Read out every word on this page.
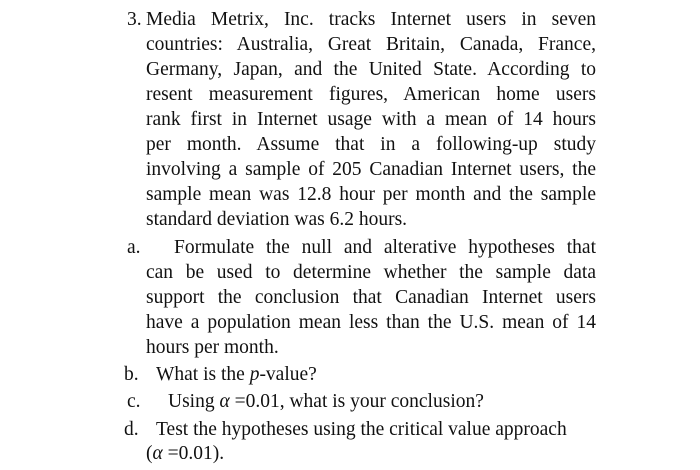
3. Media Metrix, Inc. tracks Internet users in seven
countries: Australia, Great Britain, Canada, France,
Germany, Japan, and the United State. According to
resent measurement figures, American home users
rank first in Internet usage with a mean of 14 hours
per month. Assume that in a following-up study
involving a sample of 205 Canadian Internet users, the
sample mean was 12.8 hour per month and the sample
standard deviation was 6.2 hours.
a. Formulate the null and alterative hypotheses that
can be used to determine whether the sample data
support the conclusion that Canadian Internet users
have a population mean less than the U.S. mean of 14
hours per month.
b. What is the p-value?
c. Using α =0.01, what is your conclusion?
d. Test the hypotheses using the critical value approach
(α =0.01).
